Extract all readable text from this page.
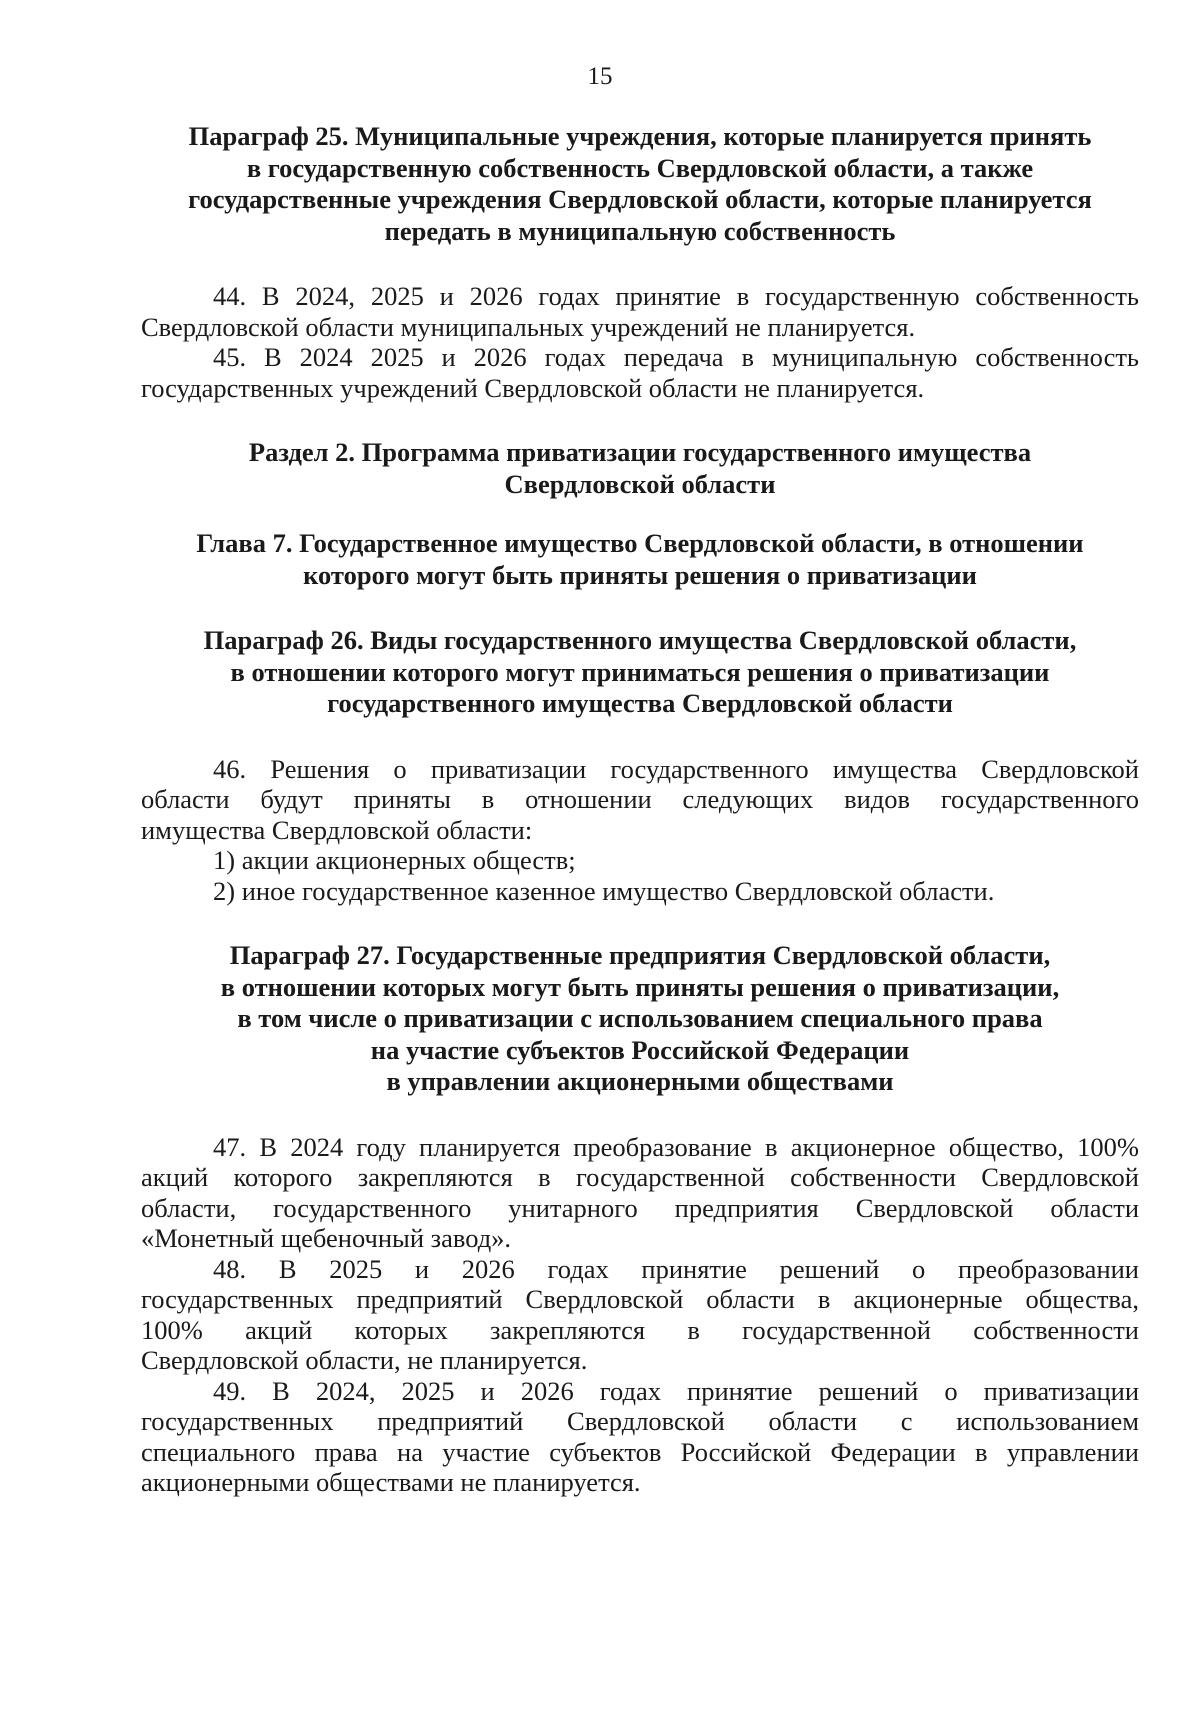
15
Параграф 25. Муниципальные учреждения, которые планируется принять
в государственную собственность Свердловской области, а также
государственные учреждения Свердловской области, которые планируется
передать в муниципальную собственность
44. В 2024, 2025 и 2026 годах принятие в государственную собственность
Свердловской области муниципальных учреждений не планируется.
45. В 2024 2025 и 2026 годах передача в муниципальную собственность
государственных учреждений Свердловской области не планируется.
Раздел 2. Программа приватизации государственного имущества
Свердловской области
Глава 7. Государственное имущество Свердловской области, в отношении
которого могут быть приняты решения о приватизации
Параграф 26. Виды государственного имущества Свердловской области,
в отношении которого могут приниматься решения о приватизации
государственного имущества Свердловской области
46. Решения о приватизации государственного имущества Свердловской
области будут приняты в отношении следующих видов государственного
имущества Свердловской области:
1) акции акционерных обществ;
2) иное государственное казенное имущество Свердловской области.
Параграф 27. Государственные предприятия Свердловской области,
в отношении которых могут быть приняты решения о приватизации,
в том числе о приватизации с использованием специального права
на участие субъектов Российской Федерации
в управлении акционерными обществами
47. В 2024 году планируется преобразование в акционерное общество, 100%
акций которого закрепляются в государственной собственности Свердловской
области, государственного унитарного предприятия Свердловской области
«Монетный щебеночный завод».
48. В 2025 и 2026 годах принятие решений о преобразовании
государственных предприятий Свердловской области в акционерные общества,
100% акций которых закрепляются в государственной собственности
Свердловской области, не планируется.
49. В 2024, 2025 и 2026 годах принятие решений о приватизации
государственных предприятий Свердловской области с использованием
специального права на участие субъектов Российской Федерации в управлении
акционерными обществами не планируется.
